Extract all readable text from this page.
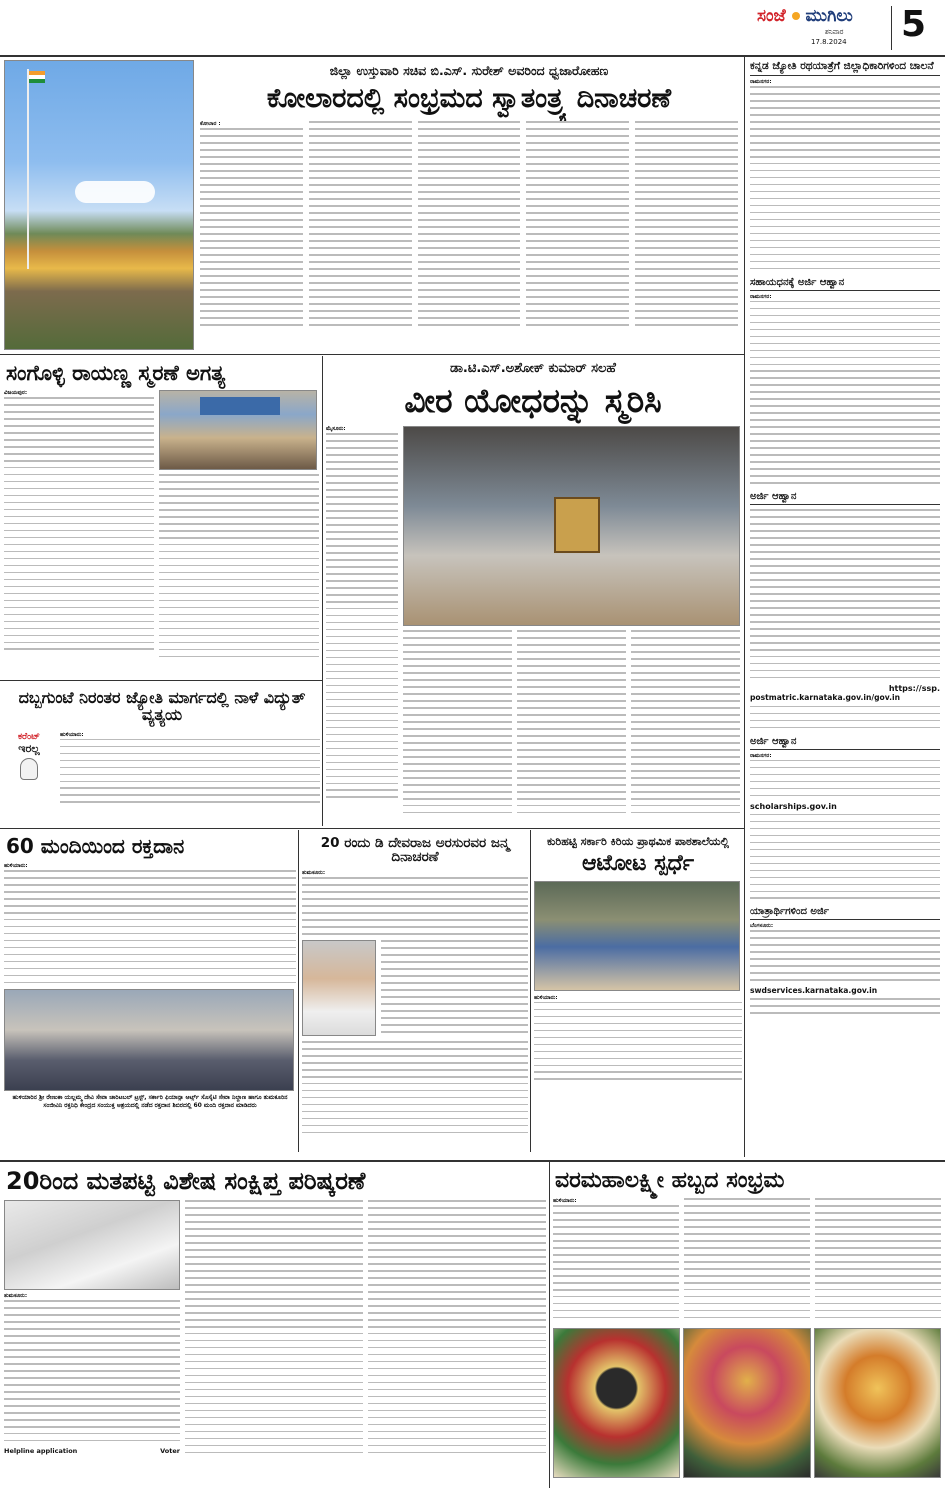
ಸಂಜೆ ಮುಗಿಲು
ಶನಿವಾರ
17.8.2024 5
ಜಿಲ್ಲಾ ಉಸ್ತುವಾರಿ ಸಚಿವ ಬಿ.ಎಸ್. ಸುರೇಶ್ ಅವರಿಂದ ಧ್ವಜಾರೋಹಣ
ಕೋಲಾರದಲ್ಲಿ ಸಂಭ್ರಮದ ಸ್ವಾತಂತ್ರ್ಯ ದಿನಾಚರಣೆ
ಕೋಲಾರ :
ಕನ್ನಡ ಜ್ಯೋತಿ ರಥಯಾತ್ರೆಗೆ ಜಿಲ್ಲಾಧಿಕಾರಿಗಳಿಂದ ಚಾಲನೆ
ರಾಮನಗರ:
ಸಹಾಯಧನಕ್ಕೆ ಅರ್ಜಿ ಆಹ್ವಾನ
ರಾಮನಗರ:
ಅರ್ಜಿ ಆಹ್ವಾನ
https://ssp.
postmatric.karnataka.gov.in/gov.in
ಅರ್ಜಿ ಆಹ್ವಾನ
ರಾಮನಗರ:
scholarships.gov.in
ಯಾತ್ರಾರ್ಥಿಗಳಿಂದ ಅರ್ಜಿ
ಬೆಂಗಳೂರು:
swdservices.karnataka.gov.in
ಸಂಗೊಳ್ಳಿ ರಾಯಣ್ಣ ಸ್ಮರಣೆ ಅಗತ್ಯ
ವಿಜಯಪುರ:
ಡಾ.ಟಿ.ಎಸ್.ಅಶೋಕ್ ಕುಮಾರ್ ಸಲಹೆ
ವೀರ ಯೋಧರನ್ನು ಸ್ಮರಿಸಿ
ಮೈಸೂರು:
ದಬ್ಬಗುಂಟೆ ನಿರಂತರ ಜ್ಯೋತಿ ಮಾರ್ಗದಲ್ಲಿ ನಾಳೆ ವಿದ್ಯುತ್ ವ್ಯತ್ಯಯ
ಕರೆಂಟ್
ಇರಲ್ಲ
ಹುಳಿಯಾರು:
60 ಮಂದಿಯಿಂದ ರಕ್ತದಾನ
ಹುಳಿಯಾರು:
ಹುಳಿಯಾರಿನ ಶ್ರೀ ರೇಣುಕಾ ಯಲ್ಲಮ್ಮ ದೇವಿ ಸೇವಾ ಚಾರಿಟಬಲ್ ಟ್ರಸ್ಟ್, ಸರ್ಕಾರಿ ಫಿಯಾನ್ಸಾ ಆರ್ಟ್ಸ್ ಸೊಸೈಟಿ ಸೇವಾ ನಿಲ್ದಾಣ ಹಾಗೂ ತುಮಕೂರಿನ ಸಂಜೀವಿನಿ ರಕ್ತನಿಧಿ ಕೇಂದ್ರದ ಸಂಯುಕ್ತ ಆಶ್ರಯದಲ್ಲಿ ನಡೆದ ರಕ್ತದಾನ ಶಿಬಿರದಲ್ಲಿ 60 ಮಂದಿ ರಕ್ತದಾನ ಮಾಡಿದರು
20 ರಂದು ಡಿ ದೇವರಾಜ ಅರಸುರವರ ಜನ್ಮ ದಿನಾಚರಣೆ
ತುಮಕೂರು:
ಕುರಿಹಟ್ಟಿ ಸರ್ಕಾರಿ ಕಿರಿಯ ಪ್ರಾಥಮಿಕ ಪಾಠಶಾಲೆಯಲ್ಲಿ
ಆಟೋಟ ಸ್ಪರ್ಧೆ
ಹುಳಿಯಾರು:
20ರಿಂದ ಮತಪಟ್ಟಿ ವಿಶೇಷ ಸಂಕ್ಷಿಪ್ತ ಪರಿಷ್ಕರಣೆ
ತುಮಕೂರು:
Helpline application	Voter
ವರಮಹಾಲಕ್ಷ್ಮೀ ಹಬ್ಬದ ಸಂಭ್ರಮ
ಹುಳಿಯಾರು:
